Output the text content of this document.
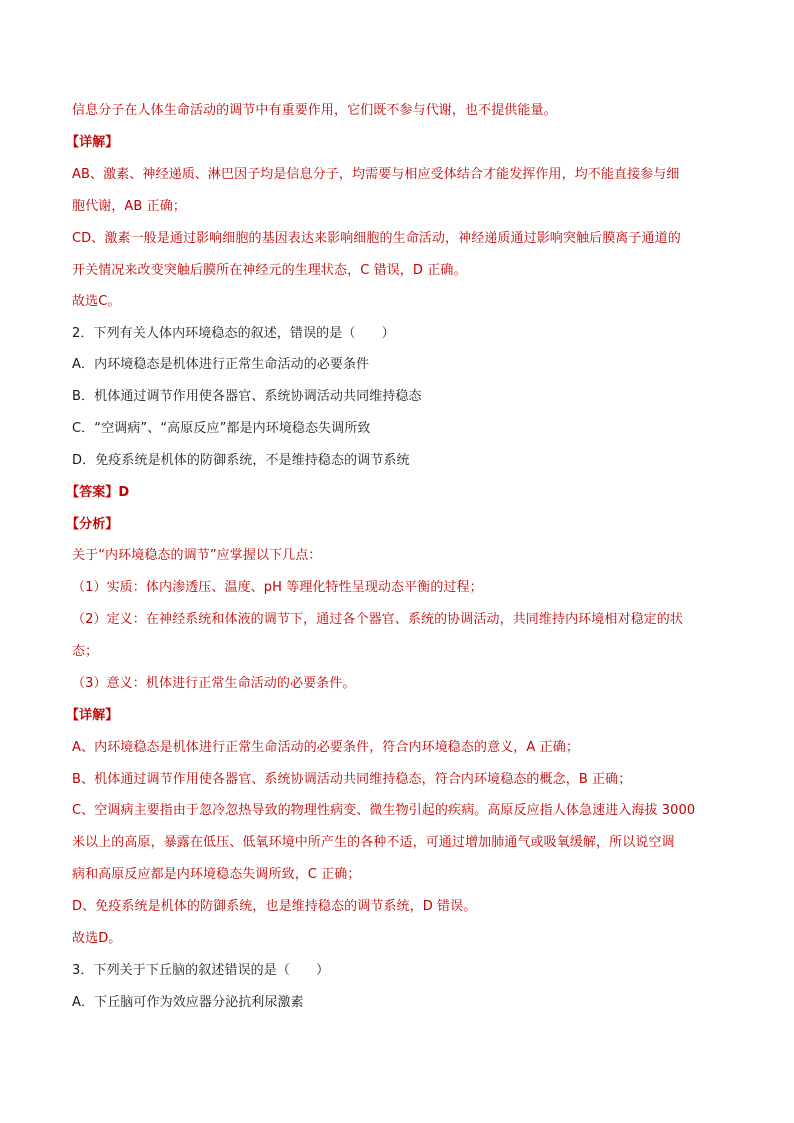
信息分子在人体生命活动的调节中有重要作用，它们既不参与代谢，也不提供能量。
【详解】
AB、激素、神经递质、淋巴因子均是信息分子，均需要与相应受体结合才能发挥作用，均不能直接参与细
胞代谢，AB 正确；
CD、激素一般是通过影响细胞的基因表达来影响细胞的生命活动，神经递质通过影响突触后膜离子通道的
开关情况来改变突触后膜所在神经元的生理状态，C 错误，D 正确。
故选C。
2．下列有关人体内环境稳态的叙述，错误的是（　　）
A．内环境稳态是机体进行正常生命活动的必要条件
B．机体通过调节作用使各器官、系统协调活动共同维持稳态
C．“空调病”、“高原反应”都是内环境稳态失调所致
D．免疫系统是机体的防御系统，不是维持稳态的调节系统
【答案】D
【分析】
关于“内环境稳态的调节”应掌握以下几点：
（1）实质：体内渗透压、温度、pH 等理化特性呈现动态平衡的过程；
（2）定义：在神经系统和体液的调节下，通过各个器官、系统的协调活动，共同维持内环境相对稳定的状
态；
（3）意义：机体进行正常生命活动的必要条件。
【详解】
A、内环境稳态是机体进行正常生命活动的必要条件，符合内环境稳态的意义，A 正确；
B、机体通过调节作用使各器官、系统协调活动共同维持稳态，符合内环境稳态的概念，B 正确；
C、空调病主要指由于忽冷忽热导致的物理性病变、微生物引起的疾病。高原反应指人体急速进入海拔 3000
米以上的高原，暴露在低压、低氧环境中所产生的各种不适，可通过增加肺通气或吸氧缓解，所以说空调
病和高原反应都是内环境稳态失调所致，C 正确；
D、免疫系统是机体的防御系统，也是维持稳态的调节系统，D 错误。
故选D。
3．下列关于下丘脑的叙述错误的是（　　）
A．下丘脑可作为效应器分泌抗利尿激素
